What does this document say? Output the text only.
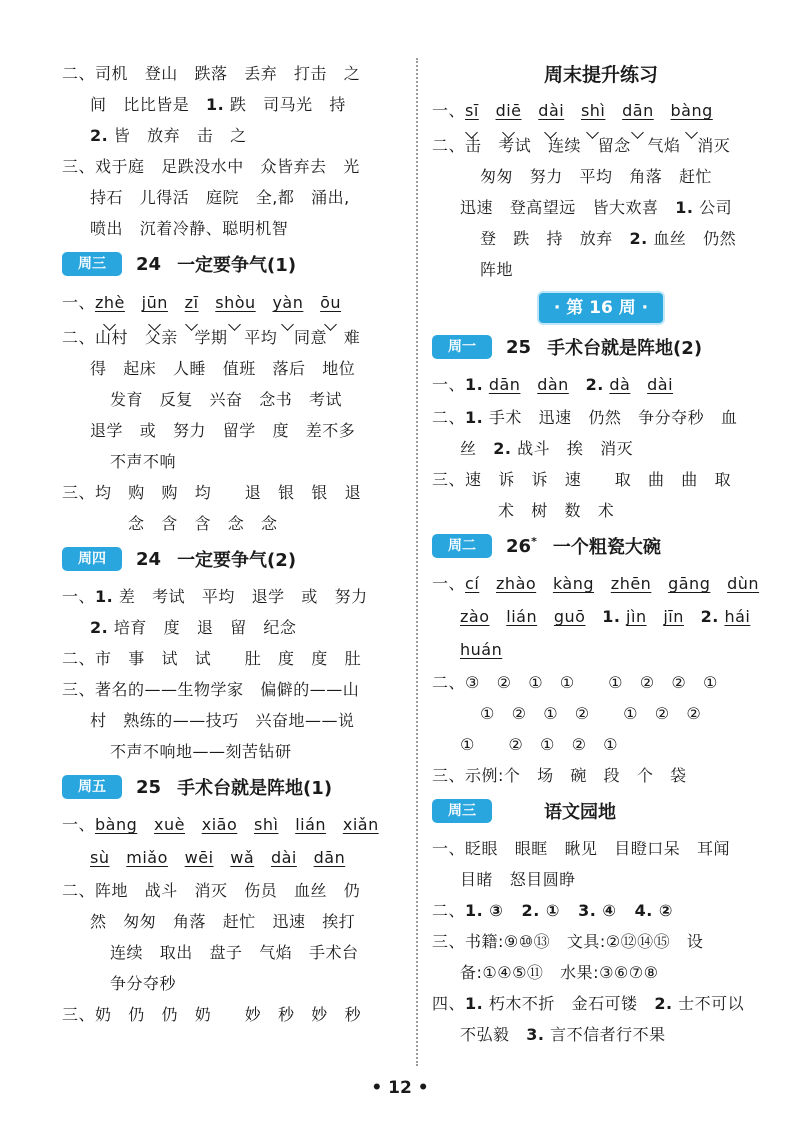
二、司机   登山   跌落   丢弃   打击   之
间   比比皆是   1. 跌   司马光   持
2. 皆   放弃   击   之
三、戏于庭   足跌没水中   众皆弃去   光
持石   儿得活   庭院   全,都   涌出,
喷出   沉着冷静、聪明机智
周三	24 一定要争气(1)
一、zhè jūn zī shòu yàn ōu
二、山村   父亲   学期   平均   同意   难
得   起床   人睡   值班   落后   地位
发育   反复   兴奋   念书   考试
退学   或   努力   留学   度   差不多
不声不响
三、均   购   购   均      退   银   银   退
念   含   含   念   念
周四	24 一定要争气(2)
一、1. 差   考试   平均   退学   或   努力
2. 培育   度   退   留   纪念
二、市   事   试   试      肚   度   度   肚
三、著名的——生物学家   偏僻的——山
村   熟练的——技巧   兴奋地——说
不声不响地——刻苦钻研
周五	25 手术台就是阵地(1)
一、bàng xuè xiāo shì lián xiǎn
sù miǎo wēi wǎ dài dān
二、阵地   战斗   消灭   伤员   血丝   仍
然   匆匆   角落   赶忙   迅速   挨打
连续   取出   盘子   气焰   手术台
争分夺秒
三、奶   仍   仍   奶      妙   秒   妙   秒
周末提升练习
一、sī diē dài shì dān bàng
二、击   考试   连续   留念   气焰   消灭
匆匆   努力   平均   角落   赶忙
迅速   登高望远   皆大欢喜   1. 公司
登   跌   持   放弃   2. 血丝   仍然
阵地
· 第 16 周 ·
周一	25 手术台就是阵地(2)
一、1. dān dàn 2. dà dài
二、1. 手术   迅速   仍然   争分夺秒   血
丝   2. 战斗   挨   消灭
三、速   诉   诉   速      取   曲   曲   取
术   树   数   术
周二	26* 一个粗瓷大碗
一、cí zhào kàng zhēn gāng dùn
zào lián guō 1. jìn jīn 2. hái
huán
二、③   ②   ①   ①      ①   ②   ②   ①
①   ②   ①   ②      ①   ②   ②
①      ②   ①   ②   ①
三、示例:个   场   碗   段   个   袋
周三	语文园地
一、眨眼   眼眶   瞅见   目瞪口呆   耳闻
目睹   怒目圆睁
二、1. ③   2. ①   3. ④   4. ②
三、书籍:⑨⑩⑬   文具:②⑫⑭⑮   设
备:①④⑤⑪   水果:③⑥⑦⑧
四、1. 朽木不折   金石可镂   2. 士不可以
不弘毅   3. 言不信者行不果
• 12 •
